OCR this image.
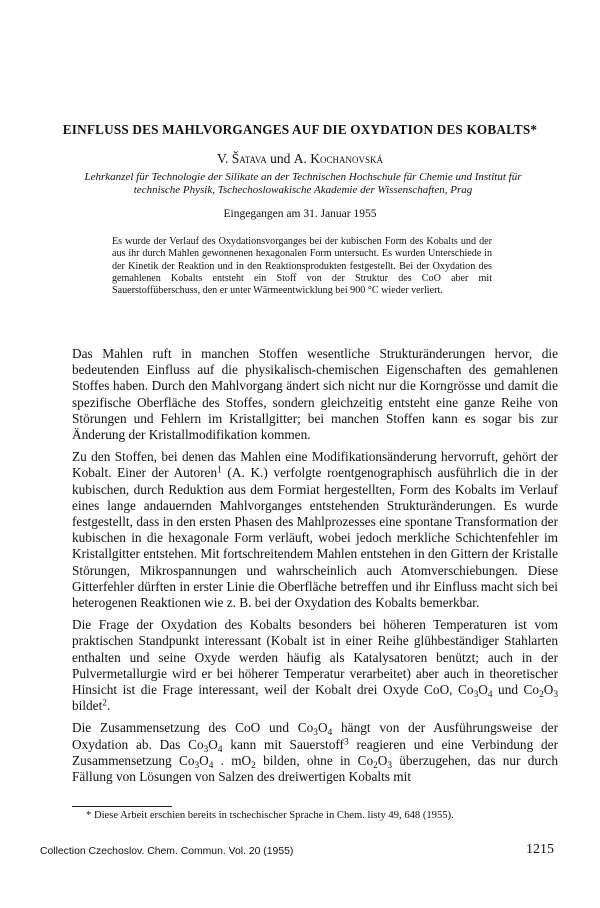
EINFLUSS DES MAHLVORGANGES AUF DIE OXYDATION DES KOBALTS*
V. Šatava und A. Kochanovská
Lehrkanzel für Technologie der Silikate an der Technischen Hochschule für Chemie und Institut für technische Physik, Tschechoslowakische Akademie der Wissenschaften, Prag
Eingegangen am 31. Januar 1955
Es wurde der Verlauf des Oxydationsvorganges bei der kubischen Form des Kobalts und der aus ihr durch Mahlen gewonnenen hexagonalen Form untersucht. Es wurden Unterschiede in der Kinetik der Reaktion und in den Reaktionsprodukten festgestellt. Bei der Oxydation des gemahlenen Kobalts entsteht ein Stoff von der Struktur des CoO aber mit Sauerstoffüberschuss, den er unter Wärmeentwicklung bei 900 °C wieder verliert.

Das Mahlen ruft in manchen Stoffen wesentliche Strukturänderungen hervor, die bedeutenden Einfluss auf die physikalisch-chemischen Eigenschaften des gemahlenen Stoffes haben. Durch den Mahlvorgang ändert sich nicht nur die Korngrösse und damit die spezifische Oberfläche des Stoffes, sondern gleichzeitig entsteht eine ganze Reihe von Störungen und Fehlern im Kristallgitter; bei manchen Stoffen kann es sogar bis zur Änderung der Kristallmodifikation kommen.

Zu den Stoffen, bei denen das Mahlen eine Modifikationsänderung hervorruft, gehört der Kobalt. Einer der Autoren$^1$ (A. K.) verfolgte roentgenographisch ausführlich die in der kubischen, durch Reduktion aus dem Formiat hergestellten, Form des Kobalts im Verlauf eines lange andauernden Mahlvorganges entstehenden Strukturänderungen. Es wurde festgestellt, dass in den ersten Phasen des Mahlprozesses eine spontane Transformation der kubischen in die hexagonale Form verläuft, wobei jedoch merkliche Schichtenfehler im Kristallgitter entstehen. Mit fortschreitendem Mahlen entstehen in den Gittern der Kristalle Störungen, Mikrospannungen und wahrscheinlich auch Atomverschiebungen. Diese Gitterfehler dürften in erster Linie die Oberfläche betreffen und ihr Einfluss macht sich bei heterogenen Reaktionen wie z. B. bei der Oxydation des Kobalts bemerkbar.

Die Frage der Oxydation des Kobalts besonders bei höheren Temperaturen ist vom praktischen Standpunkt interessant (Kobalt ist in einer Reihe glühbeständiger Stahlarten enthalten und seine Oxyde werden häufig als Katalysatoren benützt; auch in der Pulvermetallurgie wird er bei höherer Temperatur verarbeitet) aber auch in theoretischer Hinsicht ist die Frage interessant, weil der Kobalt drei Oxyde CoO, $Co_3O_4$ und $Co_2O_3$ bildet$^2$.

Die Zusammensetzung des CoO und $Co_3O_4$ hängt von der Ausführungsweise der Oxydation ab. Das $Co_3O_4$ kann mit Sauerstoff$^3$ reagieren und eine Verbindung der Zusammensetzung $Co_3O_4$ . $mO_2$ bilden, ohne in $Co_2O_3$ überzugehen, das nur durch Fällung von Lösungen von Salzen des dreiwertigen Kobalts mit

* Diese Arbeit erschien bereits in tschechischer Sprache in Chem. listy 49, 648 (1955).
Collection Czechoslov. Chem. Commun. Vol. 20 (1955)	1215
